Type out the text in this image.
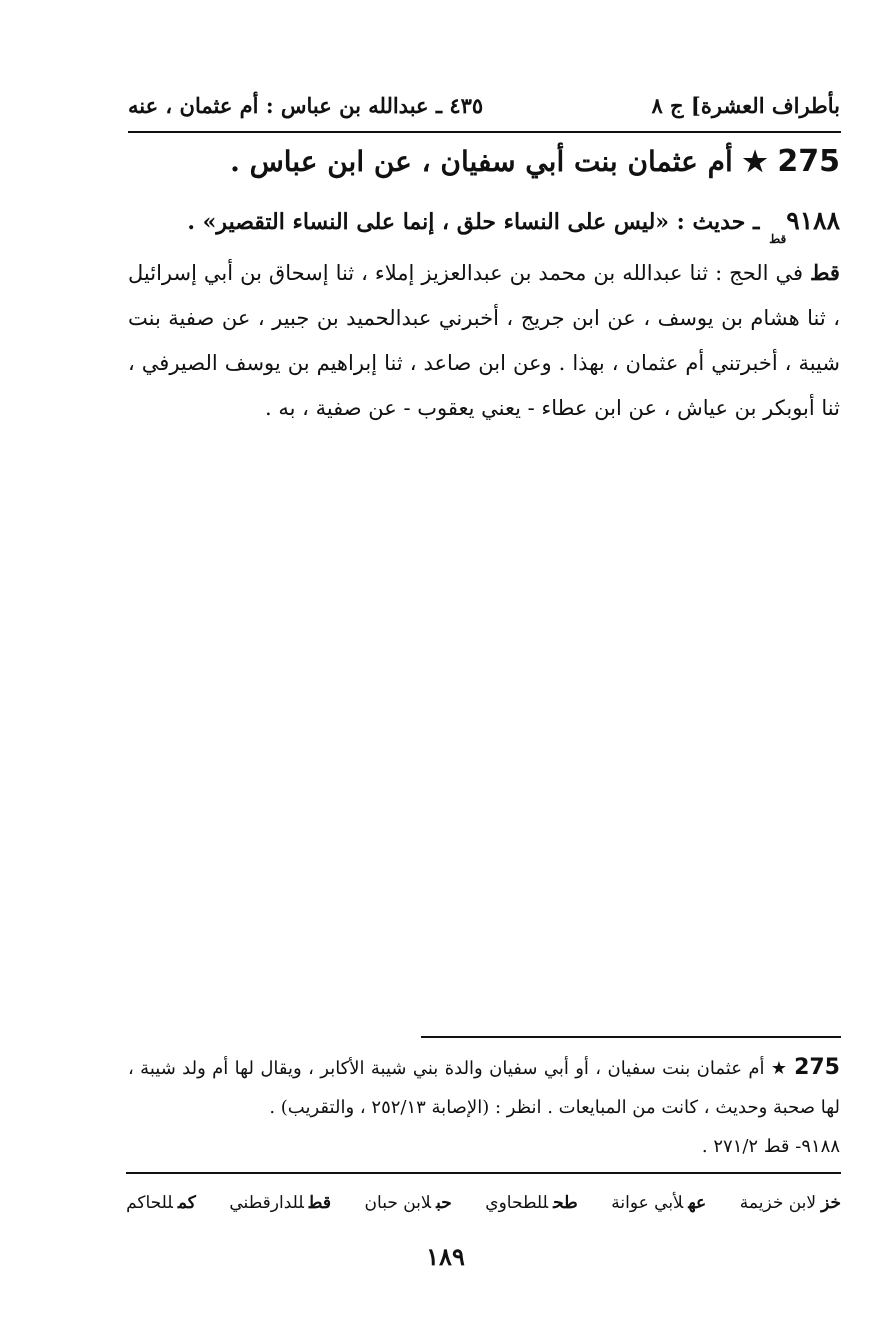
بأطراف العشرة] ج ٨
٤٣٥ ـ عبدالله بن عباس : أم عثمان ، عنه
275 ★ أم عثمان بنت أبي سفيان ، عن ابن عباس .
$٩١٨٨_{قط}$ ـ حديث : «ليس على النساء حلق ، إنما على النساء التقصير» .
قط في الحج : ثنا عبدالله بن محمد بن عبدالعزيز إملاء ، ثنا إسحاق بن أبي إسرائيل ، ثنا هشام بن يوسف ، عن ابن جريج ، أخبرني عبدالحميد بن جبير ، عن صفية بنت شيبة ، أخبرتني أم عثمان ، بهذا . وعن ابن صاعد ، ثنا إبراهيم بن يوسف الصيرفي ، ثنا أبوبكر بن عياش ، عن ابن عطاء - يعني يعقوب - عن صفية ، به .
275 ★ أم عثمان بنت سفيان ، أو أبي سفيان والدة بني شيبة الأكابر ، ويقال لها أم ولد شيبة ، لها صحبة وحديث ، كانت من المبايعات . انظر : (الإصابة ٢٥٢/١٣ ، والتقريب) .
٩١٨٨- قط ٢٧١/٢ .
خزلابن خزيمة
عهلأبي عوانة
طحللطحاوي
حبلابن حبان
قطللدارقطني
كمللحاكم
١٨٩
